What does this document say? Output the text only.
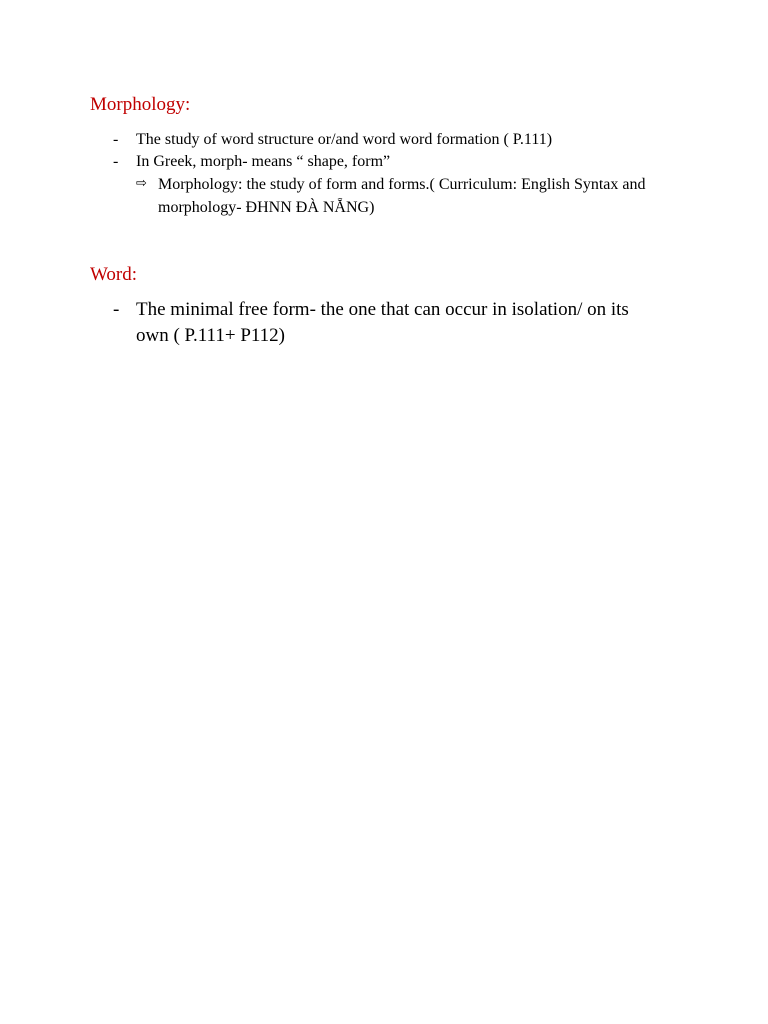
Morphology:
- The study of word structure or/and word word formation ( P.111)
- In Greek, morph- means “ shape, form”
⇨ Morphology: the study of form and forms.( Curriculum: English Syntax and morphology- ĐHNN ĐÀ NẴNG)
Word:
- The minimal free form- the one that can occur in isolation/ on its own ( P.111+ P112)
